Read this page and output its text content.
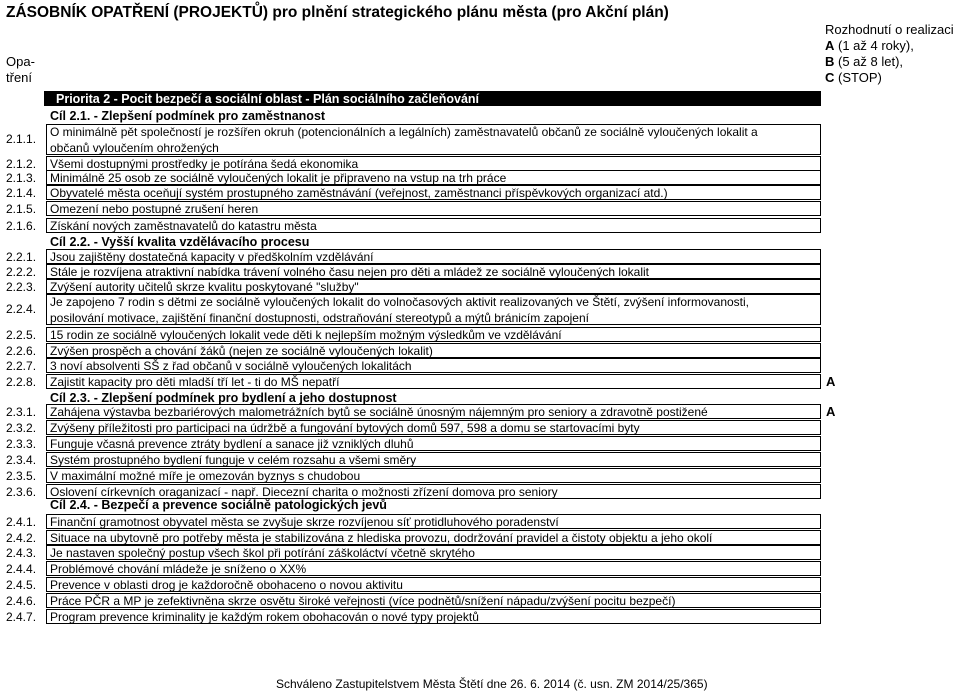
ZÁSOBNÍK OPATŘENÍ (PROJEKTŮ) pro plnění strategického plánu města (pro Akční plán)
Rozhodnutí o realizaci
A (1 až 4 roky),
B (5 až 8 let),
C (STOP)
Opa-
tření
Priorita 2 - Pocit bezpečí a sociální oblast - Plán sociálního začleňování
Cíl 2.1. - Zlepšení podmínek pro zaměstnanost
Cíl 2.2. - Vyšší kvalita vzdělávacího procesu
Cíl 2.3. - Zlepšení podmínek pro bydlení a jeho dostupnost
Cíl 2.4. - Bezpečí a prevence sociálně patologických jevů
2.1.1. O minimálně pět společností je rozšířen okruh (potencionálních a legálních) zaměstnavatelů občanů ze sociálně vyloučených lokalit a
občanů vyloučením ohrožených
2.1.2. Všemi dostupnými prostředky je potírána šedá ekonomika
2.1.3. Minimálně 25 osob ze sociálně vyloučených lokalit je připraveno na vstup na trh práce
2.1.4. Obyvatelé města oceňují systém prostupného zaměstnávání (veřejnost, zaměstnanci příspěvkových organizací atd.)
2.1.5. Omezení nebo postupné zrušení heren
2.1.6. Získání nových zaměstnavatelů do katastru města
2.2.1. Jsou zajištěny dostatečná kapacity v předškolním vzdělávání
2.2.2. Stále je rozvíjena atraktivní nabídka trávení volného času nejen pro děti a mládež ze sociálně vyloučených lokalit
2.2.3. Zvýšení autority učitelů skrze kvalitu poskytované "služby"
2.2.4. Je zapojeno 7 rodin s dětmi ze sociálně vyloučených lokalit do volnočasových aktivit realizovaných ve Štětí, zvýšení informovanosti,
posilování motivace, zajištění finanční dostupnosti, odstraňování stereotypů a mýtů bránicím zapojení
2.2.5. 15 rodin ze sociálně vyloučených lokalit vede děti k nejlepším možným výsledkům ve vzdělávání
2.2.6. Zvýšen prospěch a chování žáků (nejen ze sociálně vyloučených lokalit)
2.2.7. 3 noví absolventi SŠ z řad občanů v sociálně vyloučených lokalitách
2.2.8. Zajistit kapacity pro děti mladší tří let - ti do MŠ nepatří	A
2.3.1. Zahájena výstavba bezbariérových malometrážních bytů se sociálně únosným nájemným pro seniory a zdravotně postižené	A
2.3.2. Zvýšeny příležitosti pro participaci na údržbě a fungování bytových domů 597, 598 a domu se startovacími byty
2.3.3. Funguje včasná prevence ztráty bydlení a sanace již vzniklých dluhů
2.3.4. Systém prostupného bydlení funguje v celém rozsahu a všemi směry
2.3.5. V maximální možné míře je omezován byznys s chudobou
2.3.6. Oslovení církevních oraganizací - např. Diecezní charita o možnosti zřízení domova pro seniory
2.4.1. Finanční gramotnost obyvatel města se zvyšuje skrze rozvíjenou síť protidluhového poradenství
2.4.2. Situace na ubytovně pro potřeby města je stabilizována z hlediska provozu, dodržování pravidel a čistoty objektu a jeho okolí
2.4.3. Je nastaven společný postup všech škol při potírání záškoláctví včetně skrytého
2.4.4. Problémové chování mládeže je sníženo o XX%
2.4.5. Prevence v oblasti drog je každoročně obohaceno o novou aktivitu
2.4.6. Práce PČR a MP je zefektivněna skrze osvětu široké veřejnosti (více podnětů/snížení nápadu/zvýšení pocitu bezpečí)
2.4.7. Program prevence kriminality je každým rokem obohacován o nové typy projektů
Schváleno Zastupitelstvem Města Štětí dne 26. 6. 2014 (č. usn. ZM 2014/25/365)
